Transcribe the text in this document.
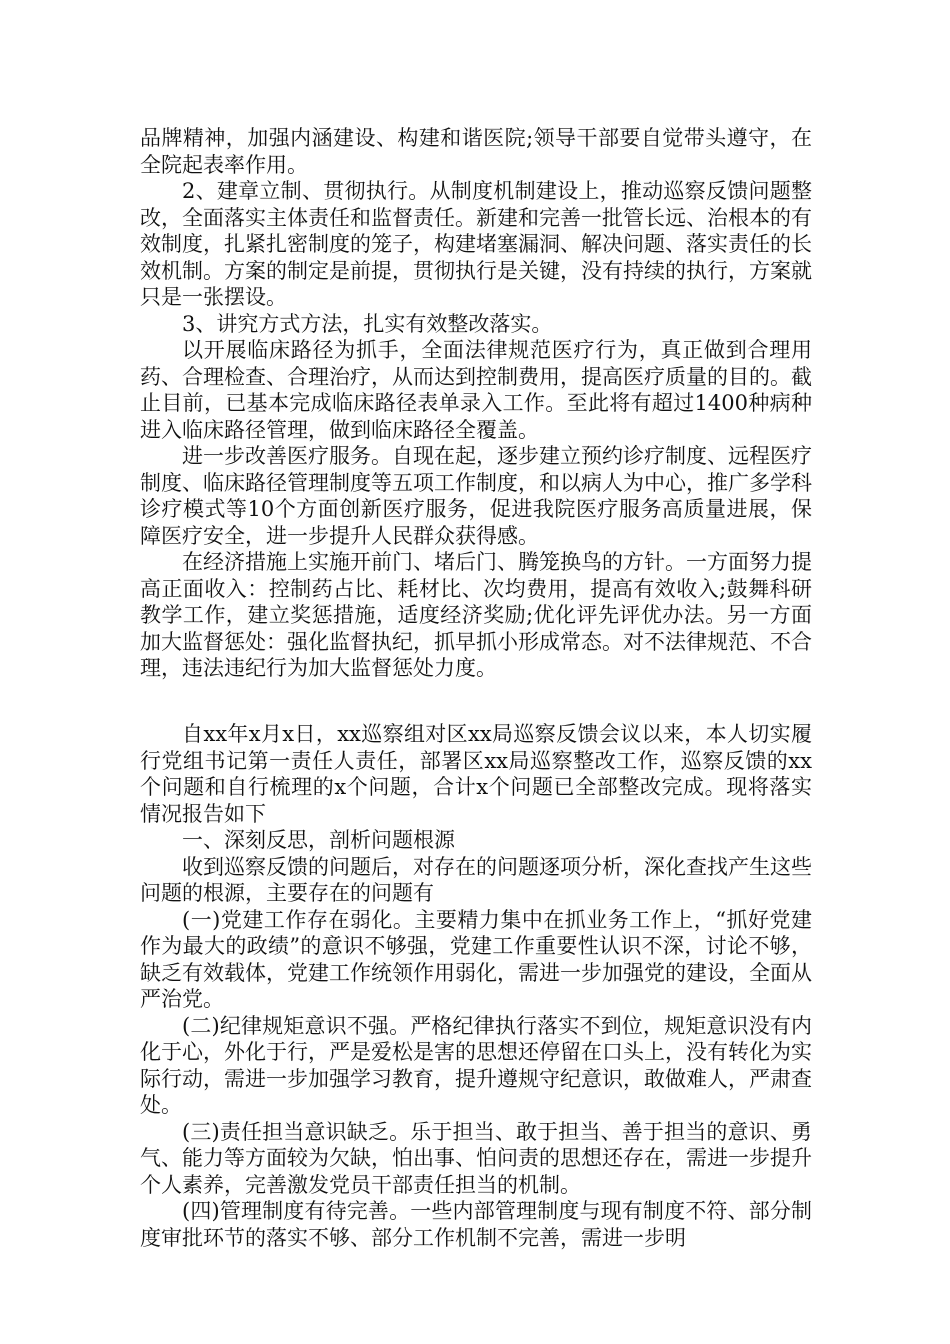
品牌精神，加强内涵建设、构建和谐医院;领导干部要自觉带头遵守，在全院起表率作用。

2、建章立制、贯彻执行。从制度机制建设上，推动巡察反馈问题整改，全面落实主体责任和监督责任。新建和完善一批管长远、治根本的有效制度，扎紧扎密制度的笼子，构建堵塞漏洞、解决问题、落实责任的长效机制。方案的制定是前提，贯彻执行是关键，没有持续的执行，方案就只是一张摆设。

3、讲究方式方法，扎实有效整改落实。

以开展临床路径为抓手，全面法律规范医疗行为，真正做到合理用药、合理检查、合理治疗，从而达到控制费用，提高医疗质量的目的。截止目前，已基本完成临床路径表单录入工作。至此将有超过1400种病种进入临床路径管理，做到临床路径全覆盖。

进一步改善医疗服务。自现在起，逐步建立预约诊疗制度、远程医疗制度、临床路径管理制度等五项工作制度，和以病人为中心，推广多学科诊疗模式等10个方面创新医疗服务，促进我院医疗服务高质量进展，保障医疗安全，进一步提升人民群众获得感。

在经济措施上实施开前门、堵后门、腾笼换鸟的方针。一方面努力提高正面收入：控制药占比、耗材比、次均费用，提高有效收入;鼓舞科研教学工作，建立奖惩措施，适度经济奖励;优化评先评优办法。另一方面加大监督惩处：强化监督执纪，抓早抓小形成常态。对不法律规范、不合理，违法违纪行为加大监督惩处力度。

自xx年x月x日，xx巡察组对区xx局巡察反馈会议以来，本人切实履行党组书记第一责任人责任，部署区xx局巡察整改工作，巡察反馈的xx个问题和自行梳理的x个问题，合计x个问题已全部整改完成。现将落实情况报告如下

一、深刻反思，剖析问题根源

收到巡察反馈的问题后，对存在的问题逐项分析，深化查找产生这些问题的根源，主要存在的问题有

(一)党建工作存在弱化。主要精力集中在抓业务工作上，“抓好党建作为最大的政绩”的意识不够强，党建工作重要性认识不深，讨论不够，缺乏有效载体，党建工作统领作用弱化，需进一步加强党的建设，全面从严治党。

(二)纪律规矩意识不强。严格纪律执行落实不到位，规矩意识没有内化于心，外化于行，严是爱松是害的思想还停留在口头上，没有转化为实际行动，需进一步加强学习教育，提升遵规守纪意识，敢做难人，严肃查处。

(三)责任担当意识缺乏。乐于担当、敢于担当、善于担当的意识、勇气、能力等方面较为欠缺，怕出事、怕问责的思想还存在，需进一步提升个人素养，完善激发党员干部责任担当的机制。

(四)管理制度有待完善。一些内部管理制度与现有制度不符、部分制度审批环节的落实不够、部分工作机制不完善，需进一步明
